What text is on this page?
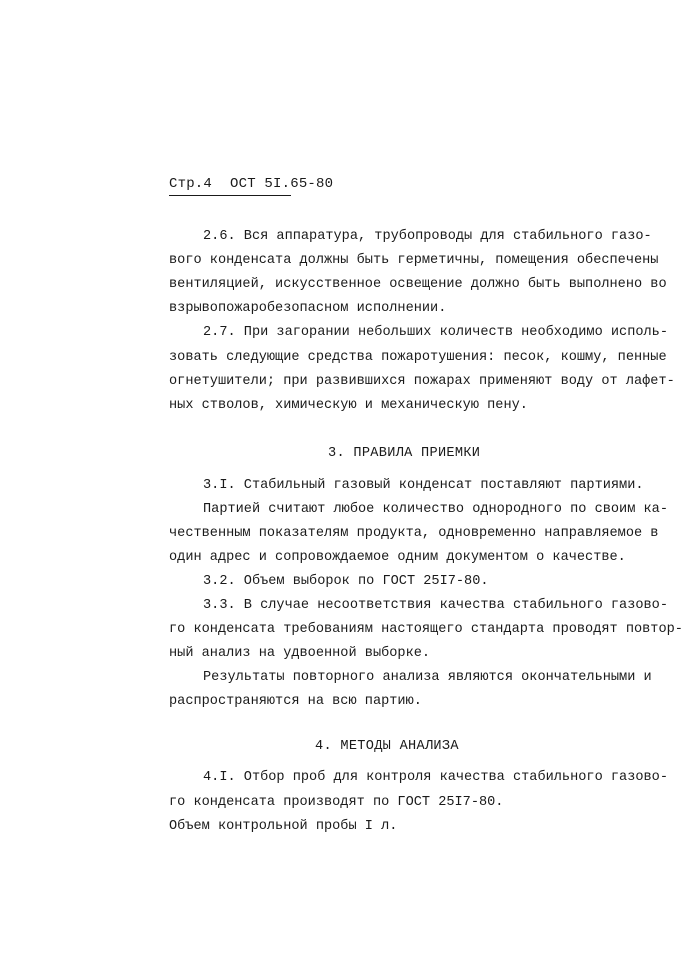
Стр.4 ОСТ 5I.65-80
2.6. Вся аппаратура, трубопроводы для стабильного газо-
вого конденсата должны быть герметичны, помещения обеспечены
вентиляцией, искусственное освещение должно быть выполнено во
взрывопожаробезопасном исполнении.
2.7. При загорании небольших количеств необходимо исполь-
зовать следующие средства пожаротушения: песок, кошму, пенные
огнетушители; при развившихся пожарах применяют воду от лафет-
ных стволов, химическую и механическую пену.
3. ПРАВИЛА ПРИЕМКИ
3.I. Стабильный газовый конденсат поставляют партиями.
Партией считают любое количество однородного по своим ка-
чественным показателям продукта, одновременно направляемое в
один адрес и сопровождаемое одним документом о качестве.
3.2. Объем выборок по ГОСТ 25I7-80.
3.3. В случае несоответствия качества стабильного газово-
го конденсата требованиям настоящего стандарта проводят повтор-
ный анализ на удвоенной выборке.
Результаты повторного анализа являются окончательными и
распространяются на всю партию.
4. МЕТОДЫ АНАЛИЗА
4.I. Отбор проб для контроля качества стабильного газово-
го конденсата производят по ГОСТ 25I7-80.
Объем контрольной пробы I л.
